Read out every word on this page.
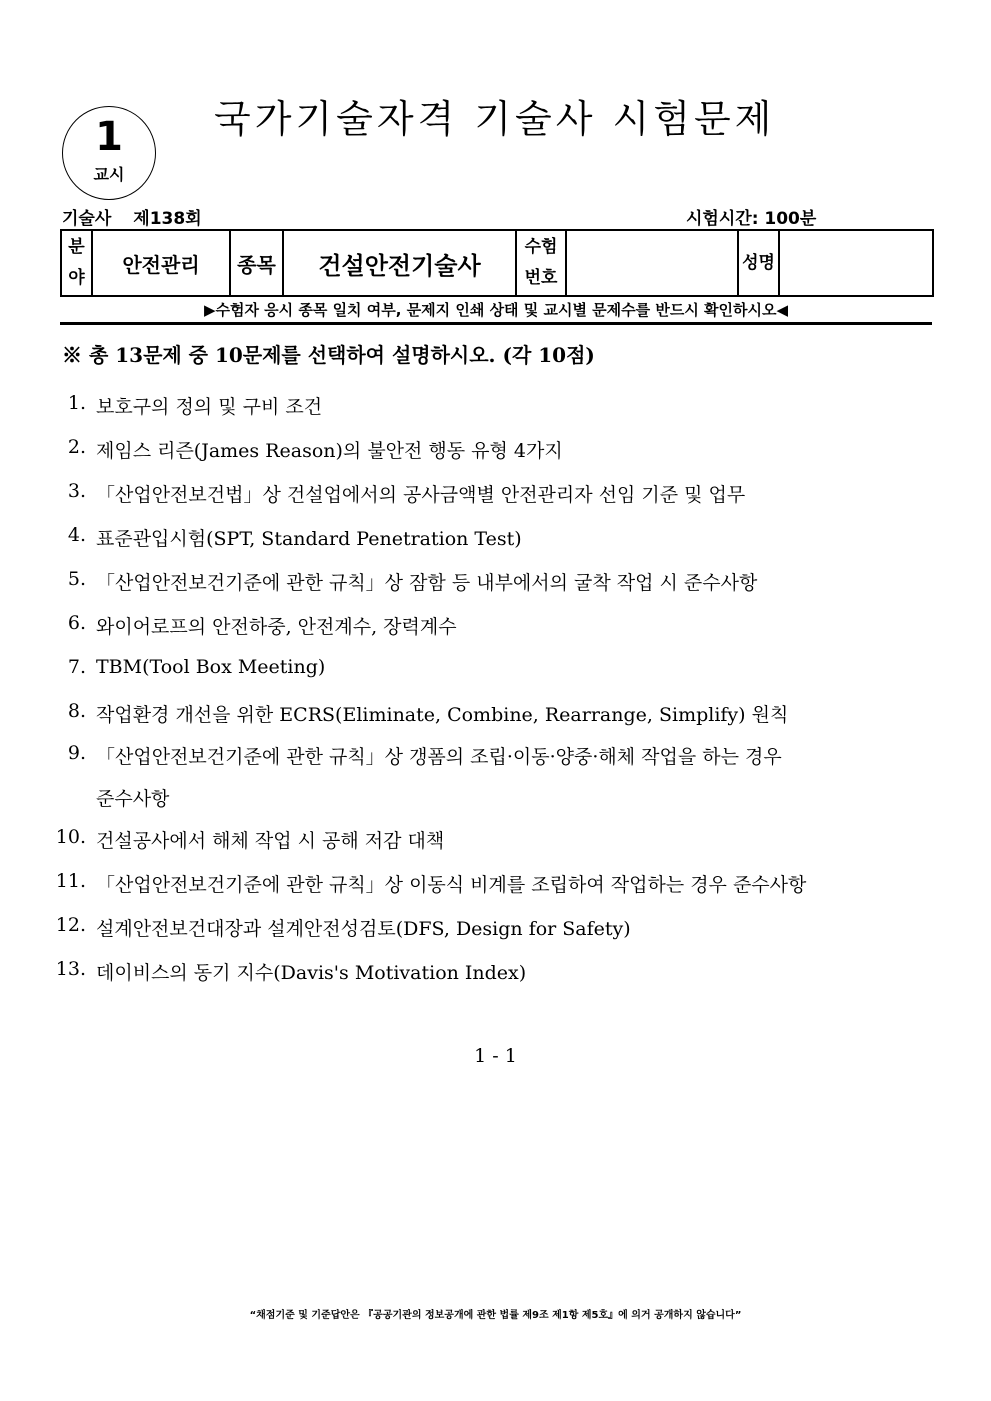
1
교시
국가기술자격 기술사 시험문제
기술사 제138회	시험시간: 100분
분야	안전관리	종목	건설안전기술사	수험번호		성명	
▶수험자 응시 종목 일치 여부, 문제지 인쇄 상태 및 교시별 문제수를 반드시 확인하시오◀
※ 총 13문제 중 10문제를 선택하여 설명하시오. (각 10점)
1. 보호구의 정의 및 구비 조건
2. 제임스 리즌(James Reason)의 불안전 행동 유형 4가지
3. 「산업안전보건법」상 건설업에서의 공사금액별 안전관리자 선임 기준 및 업무
4. 표준관입시험(SPT, Standard Penetration Test)
5. 「산업안전보건기준에 관한 규칙」상 잠함 등 내부에서의 굴착 작업 시 준수사항
6. 와이어로프의 안전하중, 안전계수, 장력계수
7. TBM(Tool Box Meeting)
8. 작업환경 개선을 위한 ECRS(Eliminate, Combine, Rearrange, Simplify) 원칙
9. 「산업안전보건기준에 관한 규칙」상 갱폼의 조립·이동·양중·해체 작업을 하는 경우
준수사항
10. 건설공사에서 해체 작업 시 공해 저감 대책
11. 「산업안전보건기준에 관한 규칙」상 이동식 비계를 조립하여 작업하는 경우 준수사항
12. 설계안전보건대장과 설계안전성검토(DFS, Design for Safety)
13. 데이비스의 동기 지수(Davis's Motivation Index)
1 - 1
“채점기준 및 기준답안은 『공공기관의 정보공개에 관한 법률 제9조 제1항 제5호』에 의거 공개하지 않습니다”
